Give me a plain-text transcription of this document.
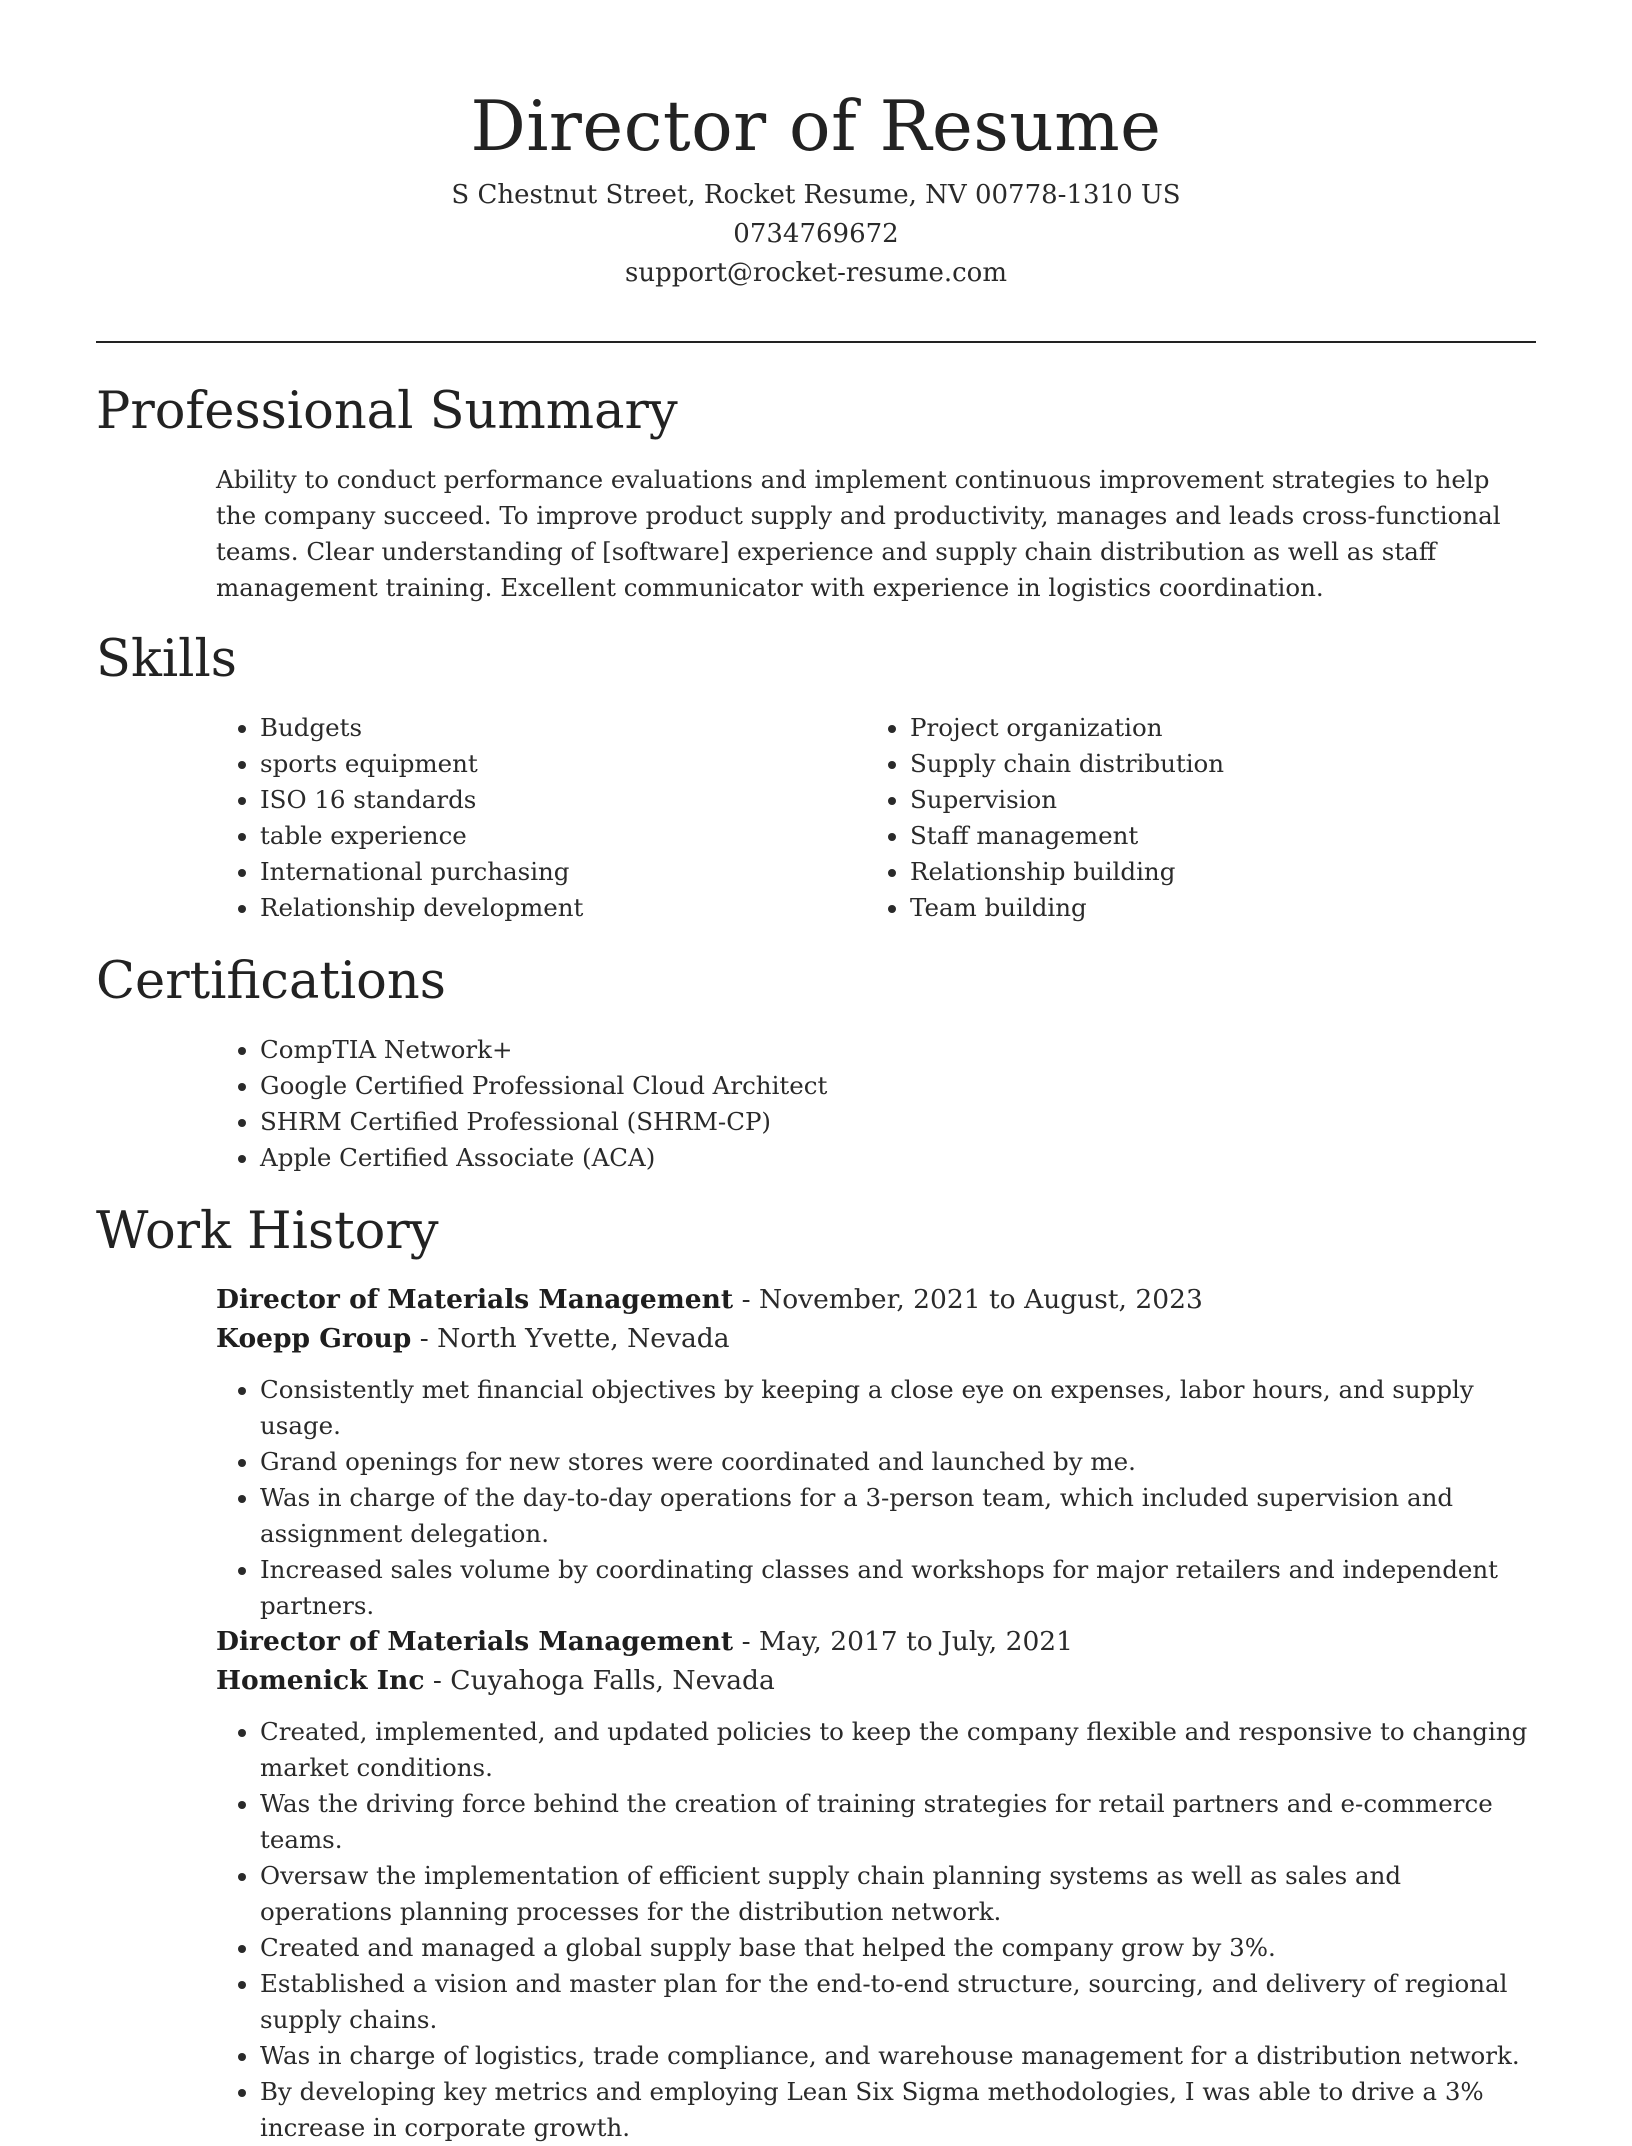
Director of Resume
S Chestnut Street, Rocket Resume, NV 00778-1310 US
0734769672
support@rocket-resume.com
Professional Summary

Ability to conduct performance evaluations and implement continuous improvement strategies to help the company succeed. To improve product supply and productivity, manages and leads cross-functional teams. Clear understanding of [software] experience and supply chain distribution as well as staff management training. Excellent communicator with experience in logistics coordination.

Skills
• Budgets
• sports equipment
• ISO 16 standards
• table experience
• International purchasing
• Relationship development
• Project organization
• Supply chain distribution
• Supervision
• Staff management
• Relationship building
• Team building
Certifications
• CompTIA Network+
• Google Certified Professional Cloud Architect
• SHRM Certified Professional (SHRM-CP)
• Apple Certified Associate (ACA)
Work History
Director of Materials Management - November, 2021 to August, 2023
Koepp Group - North Yvette, Nevada
• Consistently met financial objectives by keeping a close eye on expenses, labor hours, and supply usage.
• Grand openings for new stores were coordinated and launched by me.
• Was in charge of the day-to-day operations for a 3-person team, which included supervision and assignment delegation.
• Increased sales volume by coordinating classes and workshops for major retailers and independent partners.
Director of Materials Management - May, 2017 to July, 2021
Homenick Inc - Cuyahoga Falls, Nevada
• Created, implemented, and updated policies to keep the company flexible and responsive to changing market conditions.
• Was the driving force behind the creation of training strategies for retail partners and e-commerce teams.
• Oversaw the implementation of efficient supply chain planning systems as well as sales and operations planning processes for the distribution network.
• Created and managed a global supply base that helped the company grow by 3%.
• Established a vision and master plan for the end-to-end structure, sourcing, and delivery of regional supply chains.
• Was in charge of logistics, trade compliance, and warehouse management for a distribution network.
• By developing key metrics and employing Lean Six Sigma methodologies, I was able to drive a 3% increase in corporate growth.
